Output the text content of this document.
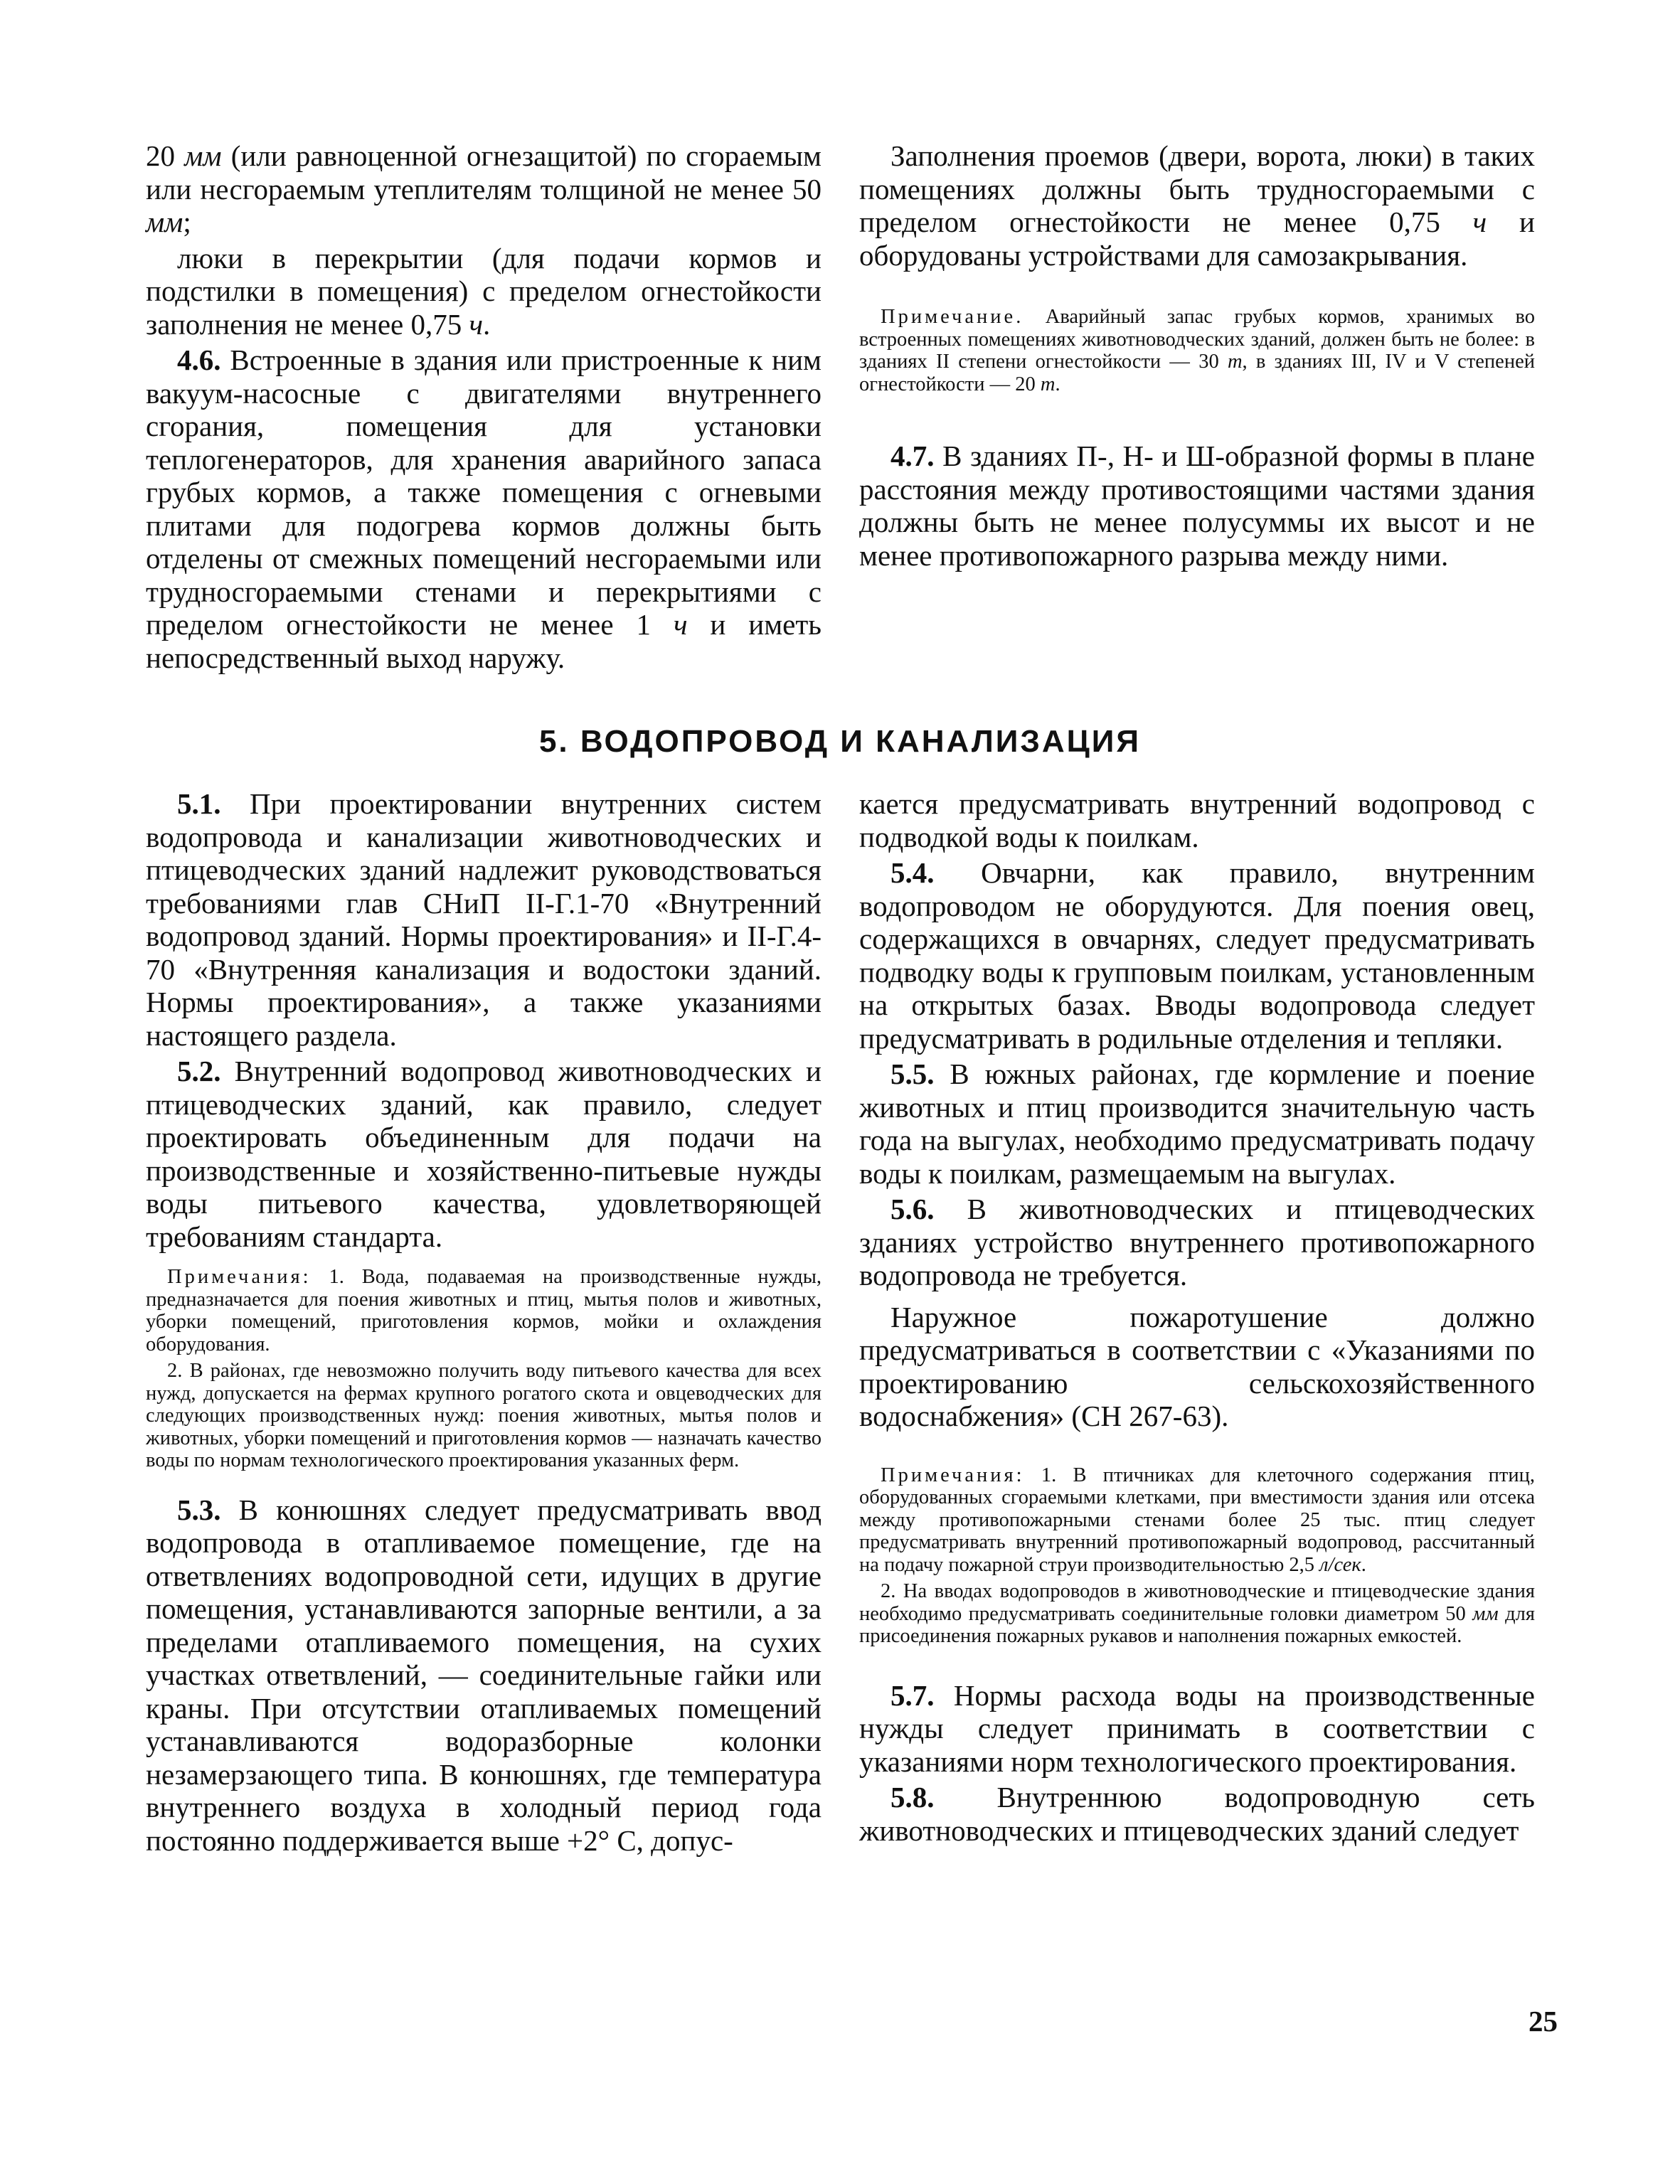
20 мм (или равноценной огнезащитой) по сгораемым или несгораемым утеплителям толщиной не менее 50 мм;

люки в перекрытии (для подачи кормов и подстилки в помещения) с пределом огнестойкости заполнения не менее 0,75 ч.

4.6. Встроенные в здания или пристроенные к ним вакуум-насосные с двигателями внутреннего сгорания, помещения для установки теплогенераторов, для хранения аварийного запаса грубых кормов, а также помещения с огневыми плитами для подогрева кормов должны быть отделены от смежных помещений несгораемыми или трудносгораемыми стенами и перекрытиями с пределом огнестойкости не менее 1 ч и иметь непосредственный выход наружу.

Заполнения проемов (двери, ворота, люки) в таких помещениях должны быть трудносгораемыми с пределом огнестойкости не менее 0,75 ч и оборудованы устройствами для самозакрывания.

Примечание. Аварийный запас грубых кормов, хранимых во встроенных помещениях животноводческих зданий, должен быть не более: в зданиях II степени огнестойкости — 30 т, в зданиях III, IV и V степеней огнестойкости — 20 т.

4.7. В зданиях П-, Н- и Ш-образной формы в плане расстояния между противостоящими частями здания должны быть не менее полусуммы их высот и не менее противопожарного разрыва между ними.

5. ВОДОПРОВОД И КАНАЛИЗАЦИЯ

5.1. При проектировании внутренних систем водопровода и канализации животноводческих и птицеводческих зданий надлежит руководствоваться требованиями глав СНиП II-Г.1-70 «Внутренний водопровод зданий. Нормы проектирования» и II-Г.4-70 «Внутренняя канализация и водостоки зданий. Нормы проектирования», а также указаниями настоящего раздела.

5.2. Внутренний водопровод животноводческих и птицеводческих зданий, как правило, следует проектировать объединенным для подачи на производственные и хозяйственно-питьевые нужды воды питьевого качества, удовлетворяющей требованиям стандарта.

Примечания: 1. Вода, подаваемая на производственные нужды, предназначается для поения животных и птиц, мытья полов и животных, уборки помещений, приготовления кормов, мойки и охлаждения оборудования.

2. В районах, где невозможно получить воду питьевого качества для всех нужд, допускается на фермах крупного рогатого скота и овцеводческих для следующих производственных нужд: поения животных, мытья полов и животных, уборки помещений и приготовления кормов — назначать качество воды по нормам технологического проектирования указанных ферм.

5.3. В конюшнях следует предусматривать ввод водопровода в отапливаемое помещение, где на ответвлениях водопроводной сети, идущих в другие помещения, устанавливаются запорные вентили, а за пределами отапливаемого помещения, на сухих участках ответвлений, — соединительные гайки или краны. При отсутствии отапливаемых помещений устанавливаются водоразборные колонки незамерзающего типа. В конюшнях, где температура внутреннего воздуха в холодный период года постоянно поддерживается выше +2° С, допус-

кается предусматривать внутренний водопровод с подводкой воды к поилкам.

5.4. Овчарни, как правило, внутренним водопроводом не оборудуются. Для поения овец, содержащихся в овчарнях, следует предусматривать подводку воды к групповым поилкам, установленным на открытых базах. Вводы водопровода следует предусматривать в родильные отделения и тепляки.

5.5. В южных районах, где кормление и поение животных и птиц производится значительную часть года на выгулах, необходимо предусматривать подачу воды к поилкам, размещаемым на выгулах.

5.6. В животноводческих и птицеводческих зданиях устройство внутреннего противопожарного водопровода не требуется.

Наружное пожаротушение должно предусматриваться в соответствии с «Указаниями по проектированию сельскохозяйственного водоснабжения» (СН 267-63).

Примечания: 1. В птичниках для клеточного содержания птиц, оборудованных сгораемыми клетками, при вместимости здания или отсека между противопожарными стенами более 25 тыс. птиц следует предусматривать внутренний противопожарный водопровод, рассчитанный на подачу пожарной струи производительностью 2,5 л/сек.

2. На вводах водопроводов в животноводческие и птицеводческие здания необходимо предусматривать соединительные головки диаметром 50 мм для присоединения пожарных рукавов и наполнения пожарных емкостей.

5.7. Нормы расхода воды на производственные нужды следует принимать в соответствии с указаниями норм технологического проектирования.

5.8. Внутреннюю водопроводную сеть животноводческих и птицеводческих зданий следует

25
